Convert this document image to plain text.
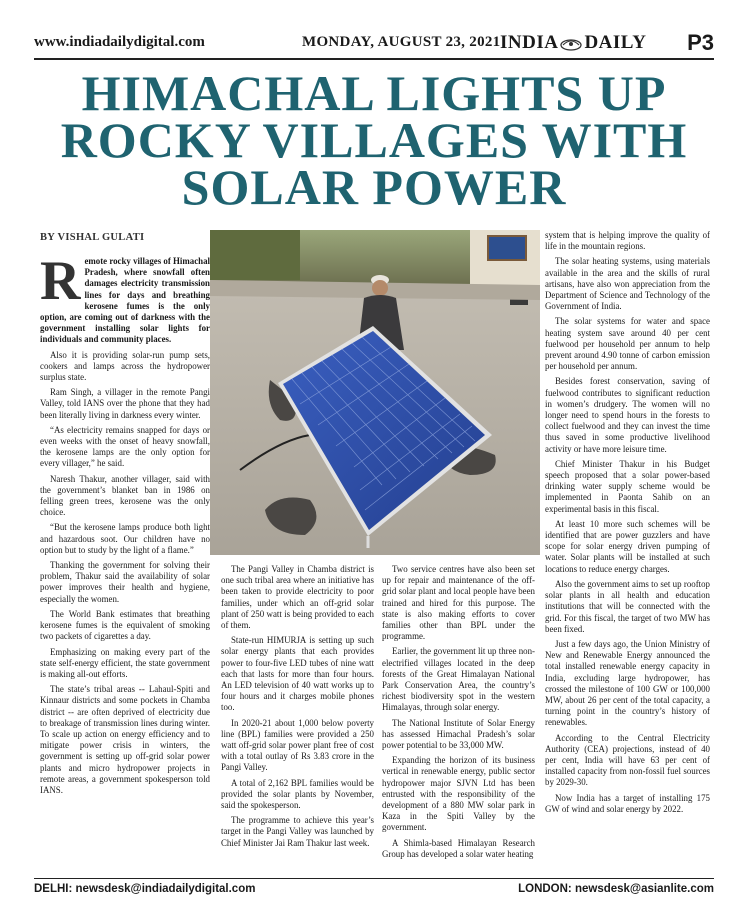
www.indiadailydigital.com	MONDAY, AUGUST 23, 2021 INDIA DAILY P3
HIMACHAL LIGHTS UP
ROCKY VILLAGES WITH
SOLAR POWER
BY VISHAL GULATI

Remote rocky villages of Himachal Pradesh, where snowfall often damages electricity transmission lines for days and breathing kerosene fumes is the only option, are coming out of darkness with the government installing solar lights for individuals and community places.

Also it is providing solar-run pump sets, cookers and lamps across the hydropower surplus state.

Ram Singh, a villager in the remote Pangi Valley, told IANS over the phone that they had been literally living in darkness every winter.

“As electricity remains snapped for days or even weeks with the onset of heavy snowfall, the kerosene lamps are the only option for every villager,” he said.

Naresh Thakur, another villager, said with the government’s blanket ban in 1986 on felling green trees, kerosene was the only choice.

“But the kerosene lamps produce both light and hazardous soot. Our children have no option but to study by the light of a flame.”

Thanking the government for solving their problem, Thakur said the availability of solar power improves their health and hygiene, especially the women.

The World Bank estimates that breathing kerosene fumes is the equivalent of smoking two packets of cigarettes a day.

Emphasizing on making every part of the state self-energy efficient, the state government is making all-out efforts.

The state’s tribal areas -- Lahaul-Spiti and Kinnaur districts and some pockets in Chamba district -- are often deprived of electricity due to breakage of transmission lines during winter. To scale up action on energy efficiency and to mitigate power crisis in winters, the government is setting up off-grid solar power plants and micro hydropower projects in remote areas, a government spokesperson told IANS.

The Pangi Valley in Chamba district is one such tribal area where an initiative has been taken to provide electricity to poor families, under which an off-grid solar plant of 250 watt is being provided to each of them.

State-run HIMURJA is setting up such solar energy plants that each provides power to four-five LED tubes of nine watt each that lasts for more than four hours. An LED television of 40 watt works up to four hours and it charges mobile phones too.

In 2020-21 about 1,000 below poverty line (BPL) families were provided a 250 watt off-grid solar power plant free of cost with a total outlay of Rs 3.83 crore in the Pangi Valley.

A total of 2,162 BPL families would be provided the solar plants by November, said the spokesperson.

The programme to achieve this year’s target in the Pangi Valley was launched by Chief Minister Jai Ram Thakur last week.

Two service centres have also been set up for repair and maintenance of the off-grid solar plant and local people have been trained and hired for this purpose. The state is also making efforts to cover families other than BPL under the programme.

Earlier, the government lit up three non-electrified villages located in the deep forests of the Great Himalayan National Park Conservation Area, the country’s richest biodiversity spot in the western Himalayas, through solar energy.

The National Institute of Solar Energy has assessed Himachal Pradesh’s solar power potential to be 33,000 MW.

Expanding the horizon of its business vertical in renewable energy, public sector hydropower major SJVN Ltd has been entrusted with the responsibility of the development of a 880 MW solar park in Kaza in the Spiti Valley by the government.

A Shimla-based Himalayan Research Group has developed a solar water heating

system that is helping improve the quality of life in the mountain regions.

The solar heating systems, using materials available in the area and the skills of rural artisans, have also won appreciation from the Department of Science and Technology of the Government of India.

The solar systems for water and space heating system save around 40 per cent fuelwood per household per annum to help prevent around 4.90 tonne of carbon emission per household per annum.

Besides forest conservation, saving of fuelwood contributes to significant reduction in women’s drudgery. The women will no longer need to spend hours in the forests to collect fuelwood and they can invest the time thus saved in some productive livelihood activity or have more leisure time.

Chief Minister Thakur in his Budget speech proposed that a solar power-based drinking water supply scheme would be implemented in Paonta Sahib on an experimental basis in this fiscal.

At least 10 more such schemes will be identified that are power guzzlers and have scope for solar energy driven pumping of water. Solar plants will be installed at such locations to reduce energy charges.

Also the government aims to set up rooftop solar plants in all health and education institutions that will be connected with the grid. For this fiscal, the target of two MW has been fixed.

Just a few days ago, the Union Ministry of New and Renewable Energy announced the total installed renewable energy capacity in India, excluding large hydropower, has crossed the milestone of 100 GW or 100,000 MW, about 26 per cent of the total capacity, a turning point in the country’s history of renewables.

According to the Central Electricity Authority (CEA) projections, instead of 40 per cent, India will have 63 per cent of installed capacity from non-fossil fuel sources by 2029-30.

Now India has a target of installing 175 GW of wind and solar energy by 2022.

DELHI: newsdesk@indiadailydigital.com	LONDON: newsdesk@asianlite.com
